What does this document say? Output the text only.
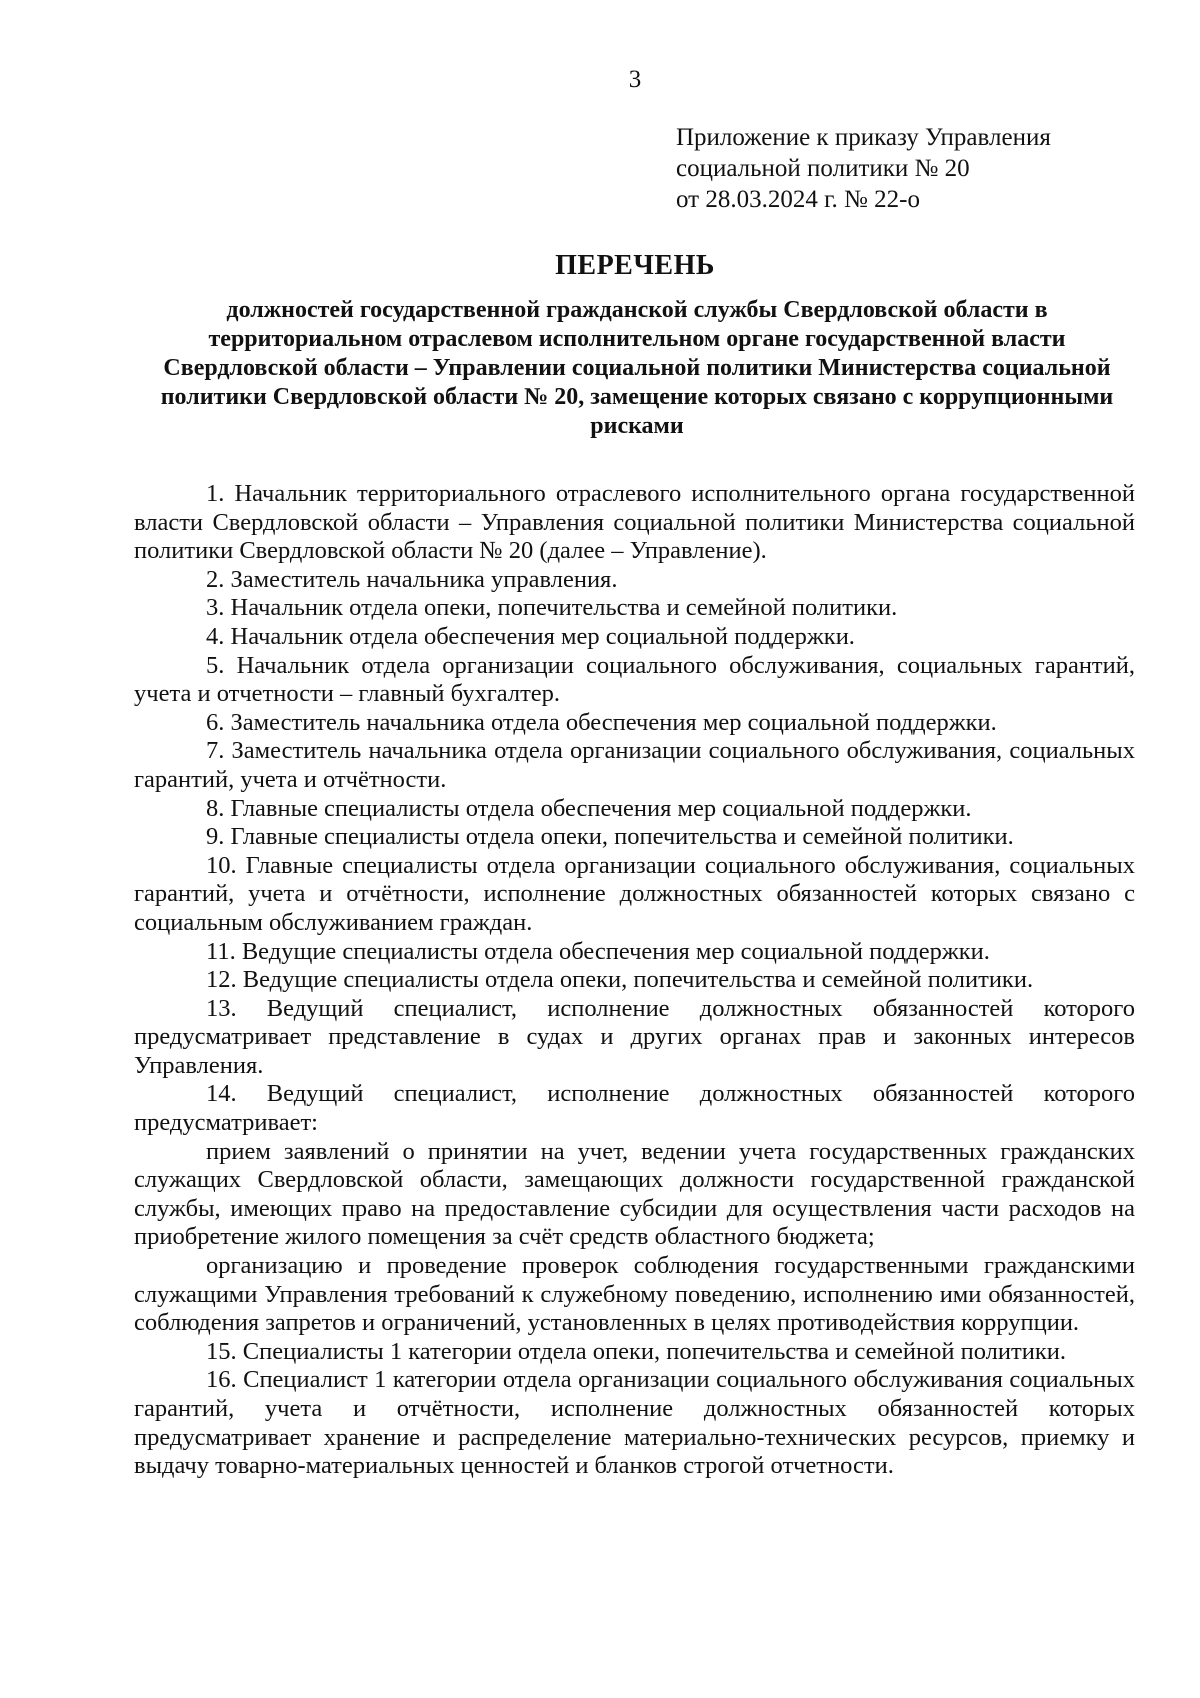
3
Приложение к приказу Управления
социальной политики № 20
от 28.03.2024 г. № 22-о
ПЕРЕЧЕНЬ
должностей государственной гражданской службы Свердловской области в территориальном отраслевом исполнительном органе государственной власти Свердловской области – Управлении социальной политики Министерства социальной политики Свердловской области № 20, замещение которых связано с коррупционными рисками

1. Начальник территориального отраслевого исполнительного органа государственной власти Свердловской области – Управления социальной политики Министерства социальной политики Свердловской области № 20 (далее – Управление).

2. Заместитель начальника управления.

3. Начальник отдела опеки, попечительства и семейной политики.

4. Начальник отдела обеспечения мер социальной поддержки.

5. Начальник отдела организации социального обслуживания, социальных гарантий, учета и отчетности – главный бухгалтер.

6. Заместитель начальника отдела обеспечения мер социальной поддержки.

7. Заместитель начальника отдела организации социального обслуживания, социальных гарантий, учета и отчётности.

8. Главные специалисты отдела обеспечения мер социальной поддержки.

9. Главные специалисты отдела опеки, попечительства и семейной политики.

10. Главные специалисты отдела организации социального обслуживания, социальных гарантий, учета и отчётности, исполнение должностных обязанностей которых связано с социальным обслуживанием граждан.

11. Ведущие специалисты отдела обеспечения мер социальной поддержки.

12. Ведущие специалисты отдела опеки, попечительства и семейной политики.

13. Ведущий специалист, исполнение должностных обязанностей которого предусматривает представление в судах и других органах прав и законных интересов Управления.

14. Ведущий специалист, исполнение должностных обязанностей которого предусматривает:

прием заявлений о принятии на учет, ведении учета государственных гражданских служащих Свердловской области, замещающих должности государственной гражданской службы, имеющих право на предоставление субсидии для осуществления части расходов на приобретение жилого помещения за счёт средств областного бюджета;

организацию и проведение проверок соблюдения государственными гражданскими служащими Управления требований к служебному поведению, исполнению ими обязанностей, соблюдения запретов и ограничений, установленных в целях противодействия коррупции.

15. Специалисты 1 категории отдела опеки, попечительства и семейной политики.

16. Специалист 1 категории отдела организации социального обслуживания социальных гарантий, учета и отчётности, исполнение должностных обязанностей которых предусматривает хранение и распределение материально-технических ресурсов, приемку и выдачу товарно-материальных ценностей и бланков строгой отчетности.
